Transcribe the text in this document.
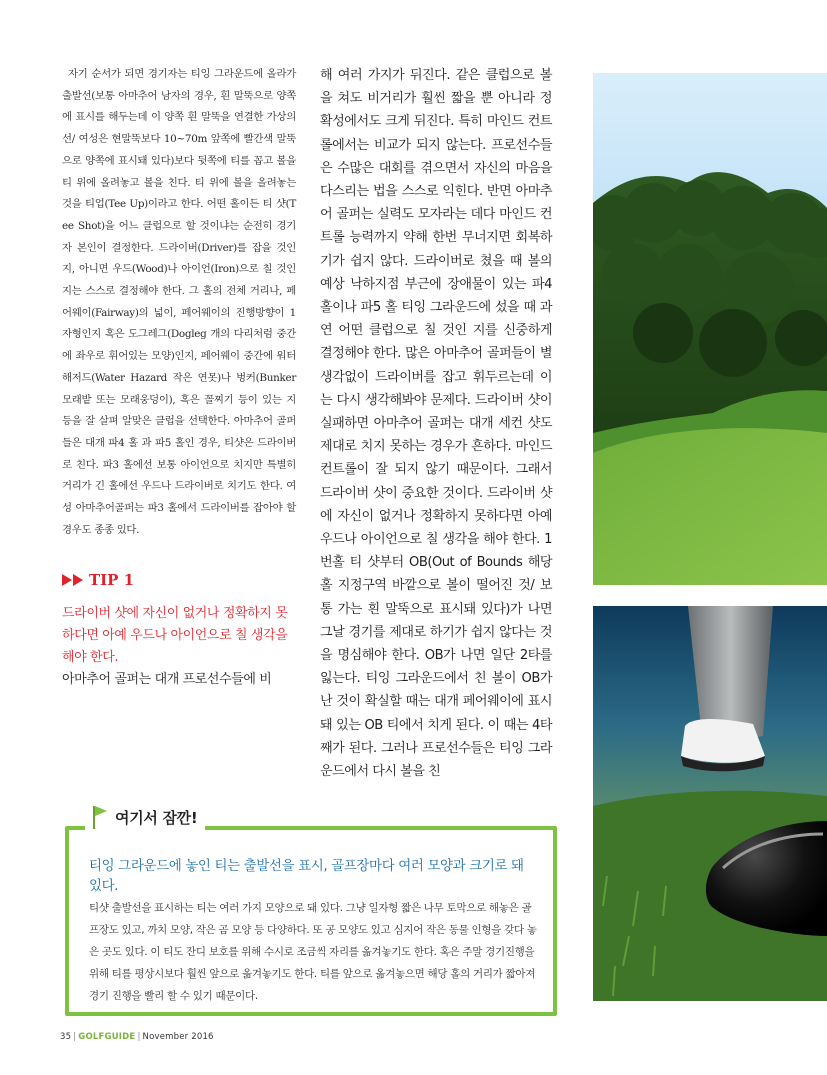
자기 순서가 되면 경기자는 티잉 그라운드에 올라가 출발선(보통 아마추어 남자의 경우, 흰 말뚝으로 양쪽에 표시를 해두는데 이 양쪽 흰 말뚝을 연결한 가상의 선/ 여성은 현말뚝보다 10~70m 앞쪽에 빨간색 말뚝으로 양쪽에 표시돼 있다)보다 뒷쪽에 티를 꼽고 볼을 티 위에 올려놓고 볼을 친다. 티 위에 볼을 올려놓는 것을 티업(Tee Up)이라고 한다. 어떤 홀이든 티 샷(Tee Shot)을 어느 클럽으로 할 것이냐는 순전히 경기자 본인이 결정한다. 드라이버(Driver)를 잡을 것인지, 아니면 우드(Wood)나 아이언(Iron)으로 칠 것인지는 스스로 결정해야 한다. 그 홀의 전체 거리나, 페어웨이(Fairway)의 넓이, 페어웨이의 진행방향이 1자형인지 혹은 도그레그(Dogleg 개의 다리처럼 중간에 좌우로 휘어있는 모양)인지, 페어웨이 중간에 워터 해저드(Water Hazard 작은 연못)나 벙커(Bunker 모래밭 또는 모래웅덩이), 혹은 꼴찌기 등이 있는 지 등을 잘 살펴 알맞은 클럽을 선택한다. 아마추어 골퍼들은 대개 파4 홀 과 파5 홀인 경우, 티샷은 드라이버로 친다. 파3 홀에선 보통 아이언으로 치지만 특별히 거리가 긴 홀에선 우드나 드라이버로 치기도 한다. 여성 아마추어골퍼는 파3 홀에서 드라이버를 잡아야 할 경우도 종종 있다.

TIP 1

드라이버 샷에 자신이 없거나 정확하지 못하다면 아예 우드나 아이언으로 칠 생각을 해야 한다.

아마추어 골퍼는 대개 프로선수들에 비

해 여러 가지가 뒤진다. 같은 클럽으로 볼을 쳐도 비거리가 훨씬 짧을 뿐 아니라 정확성에서도 크게 뒤진다. 특히 마인드 컨트롤에서는 비교가 되지 않는다. 프로선수들은 수많은 대회를 겪으면서 자신의 마음을 다스리는 법을 스스로 익힌다. 반면 아마추어 골퍼는 실력도 모자라는 데다 마인드 컨트롤 능력까지 약해 한번 무너지면 회복하기가 쉽지 않다. 드라이버로 쳤을 때 볼의 예상 낙하지점 부근에 장애물이 있는 파4 홀이나 파5 홀 티잉 그라운드에 섰을 때 과연 어떤 클럽으로 칠 것인 지를 신중하게 결정해야 한다. 많은 아마추어 골퍼들이 별 생각없이 드라이버를 잡고 휘두르는데 이는 다시 생각해봐야 문제다. 드라이버 샷이 실패하면 아마추어 골퍼는 대개 세컨 샷도 제대로 치지 못하는 경우가 흔하다. 마인드컨트롤이 잘 되지 않기 때문이다. 그래서 드라이버 샷이 중요한 것이다. 드라이버 샷에 자신이 없거나 정확하지 못하다면 아예 우드나 아이언으로 칠 생각을 해야 한다. 1번홀 티 샷부터 OB(Out of Bounds 해당홀 지정구역 바깥으로 볼이 떨어진 것/ 보통 가는 흰 말뚝으로 표시돼 있다)가 나면 그날 경기를 제대로 하기가 쉽지 않다는 것을 명심해야 한다. OB가 나면 일단 2타를 잃는다. 티잉 그라운드에서 친 볼이 OB가 난 것이 확실할 때는 대개 페어웨이에 표시돼 있는 OB 티에서 치게 된다. 이 때는 4타째가 된다. 그러나 프로선수들은 티잉 그라운드에서 다시 볼을 친

티잉 그라운드에 놓인 티는 출발선을 표시, 골프장마다 여러 모양과 크기로 돼 있다.

티샷 출발선을 표시하는 티는 여러 가지 모양으로 돼 있다. 그냥 일자형 짧은 나무 토막으로 해놓은 골프장도 있고, 까치 모양, 작은 곰 모양 등 다양하다. 또 공 모양도 있고 심지어 작은 동물 인형을 갖다 놓은 곳도 있다. 이 티도 잔디 보호를 위해 수시로 조금씩 자리를 옮겨놓기도 한다. 혹은 주말 경기진행을 위해 티를 평상시보다 훨씬 앞으로 옮겨놓기도 한다. 티를 앞으로 옮겨놓으면 해당 홀의 거리가 짧아져 경기 진행을 빨리 할 수 있기 때문이다.

여기서 잠깐!
35 | GOLFGUIDE | November 2016
